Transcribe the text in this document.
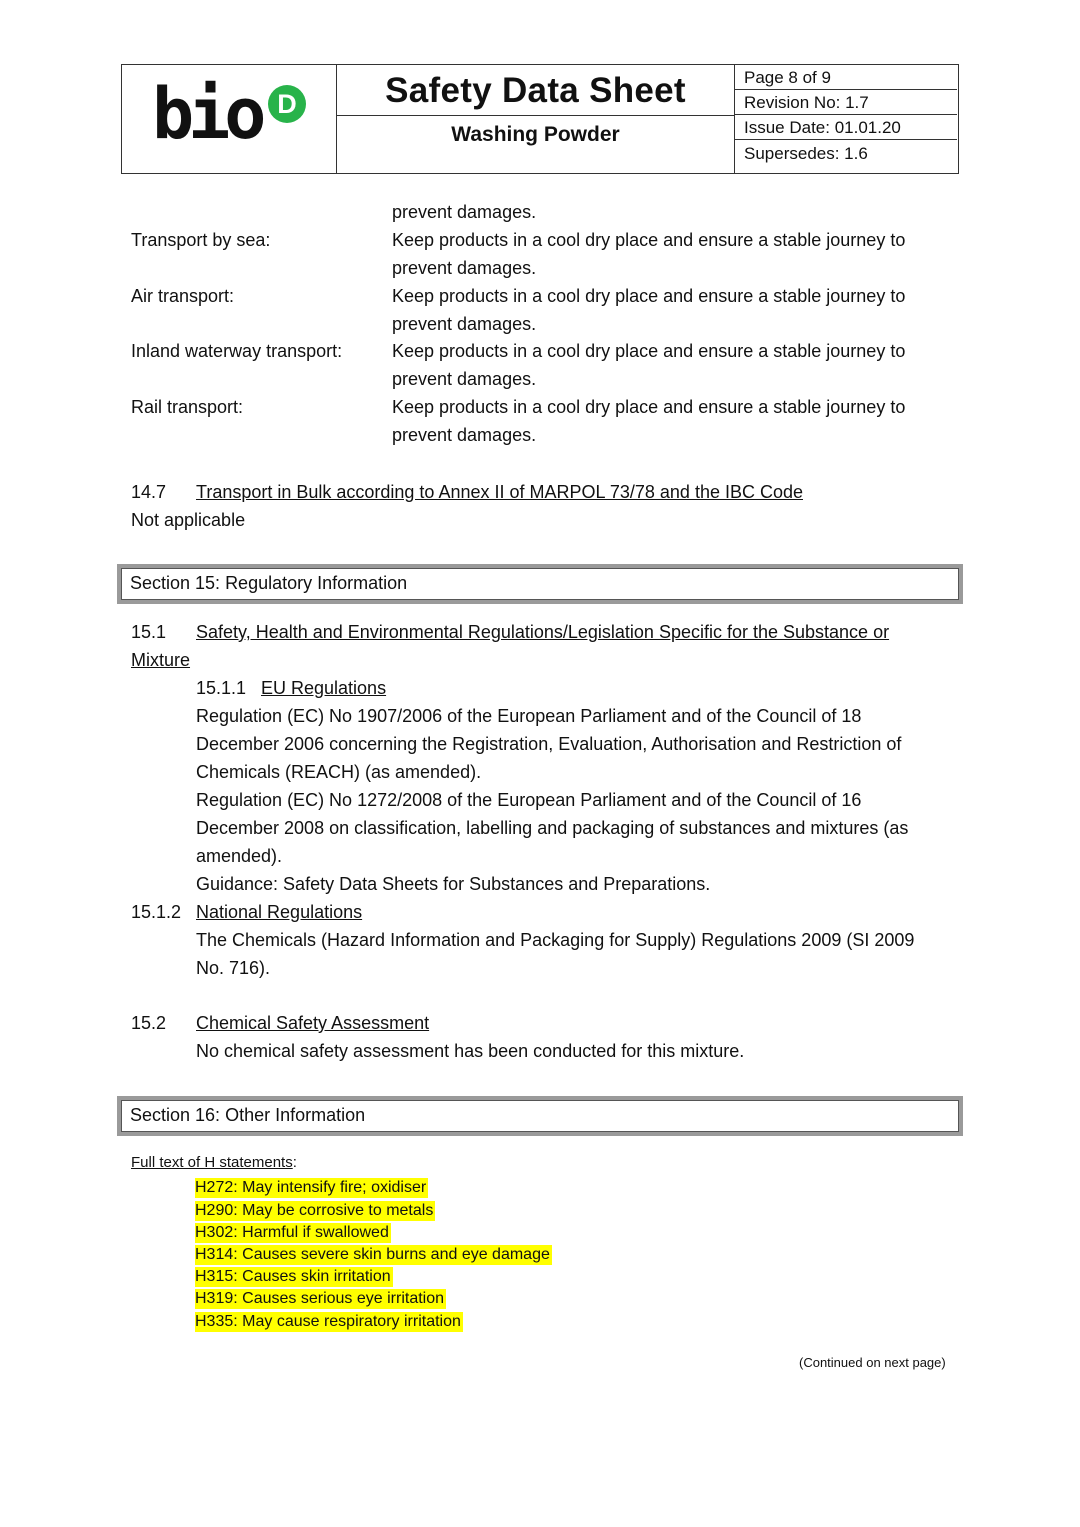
bio D	Safety Data Sheet
Washing Powder
Page 8 of 9
Revision No: 1.7
Issue Date: 01.01.20
Supersedes: 1.6
prevent damages.
Transport by sea:	Keep products in a cool dry place and ensure a stable journey to
prevent damages.
Air transport:	Keep products in a cool dry place and ensure a stable journey to
prevent damages.
Inland waterway transport:	Keep products in a cool dry place and ensure a stable journey to
prevent damages.
Rail transport:	Keep products in a cool dry place and ensure a stable journey to
prevent damages.
14.7 Transport in Bulk according to Annex II of MARPOL 73/78 and the IBC Code
Not applicable
Section 15: Regulatory Information
15.1 Safety, Health and Environmental Regulations/Legislation Specific for the Substance or
Mixture
15.1.1 EU Regulations
Regulation (EC) No 1907/2006 of the European Parliament and of the Council of 18
December 2006 concerning the Registration, Evaluation, Authorisation and Restriction of
Chemicals (REACH) (as amended).
Regulation (EC) No 1272/2008 of the European Parliament and of the Council of 16
December 2008 on classification, labelling and packaging of substances and mixtures (as
amended).
Guidance: Safety Data Sheets for Substances and Preparations.
15.1.2 National Regulations
The Chemicals (Hazard Information and Packaging for Supply) Regulations 2009 (SI 2009
No. 716).
15.2 Chemical Safety Assessment
No chemical safety assessment has been conducted for this mixture.
Section 16: Other Information
Full text of H statements:
H272: May intensify fire; oxidiser
H290: May be corrosive to metals
H302: Harmful if swallowed
H314: Causes severe skin burns and eye damage
H315: Causes skin irritation
H319: Causes serious eye irritation
H335: May cause respiratory irritation
(Continued on next page)
